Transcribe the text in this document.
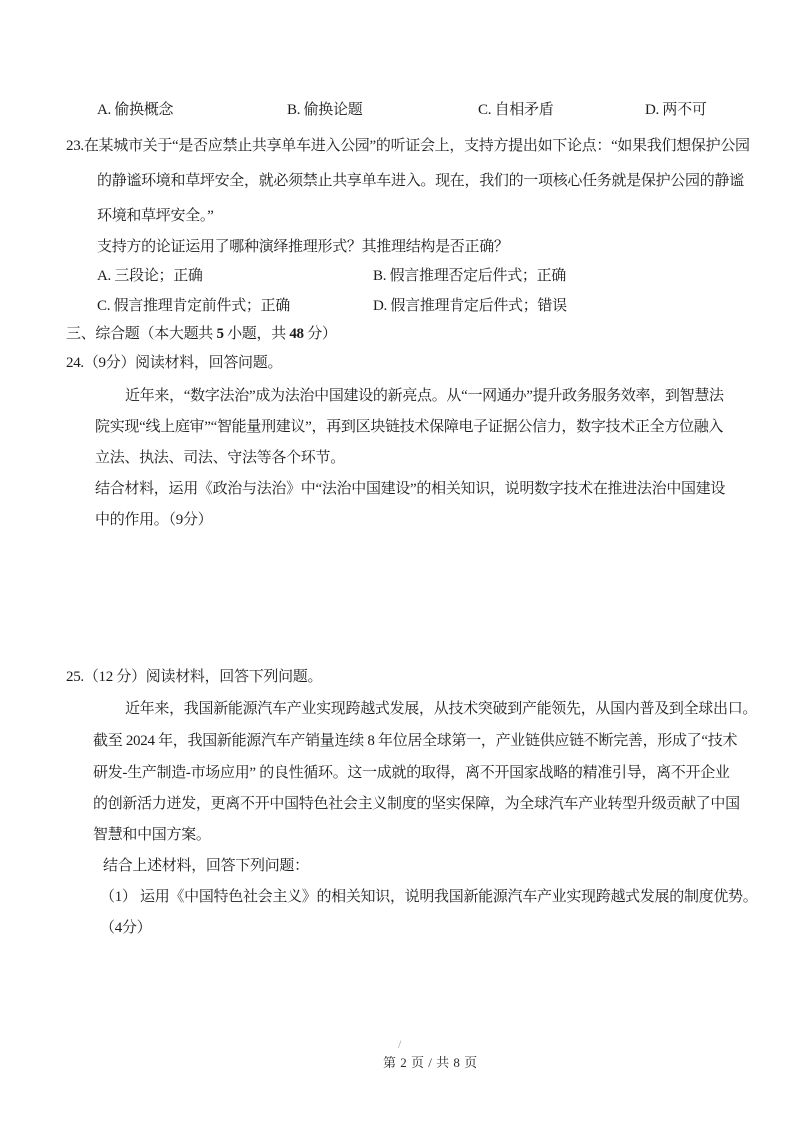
A. 偷换概念	B. 偷换论题	C. 自相矛盾	D. 两不可
23.在某城市关于“是否应禁止共享单车进入公园”的听证会上，支持方提出如下论点：“如果我们想保护公园
的静谧环境和草坪安全，就必须禁止共享单车进入。现在，我们的一项核心任务就是保护公园的静谧
环境和草坪安全。”
支持方的论证运用了哪种演绎推理形式？其推理结构是否正确？
A. 三段论；正确	B. 假言推理否定后件式；正确
C. 假言推理肯定前件式；正确	D. 假言推理肯定后件式；错误
三、综合题（本大题共 5 小题，共 48 分）
24.（9分）阅读材料，回答问题。
近年来，“数字法治”成为法治中国建设的新亮点。从“一网通办”提升政务服务效率，到智慧法
院实现“线上庭审”“智能量刑建议”，再到区块链技术保障电子证据公信力，数字技术正全方位融入
立法、执法、司法、守法等各个环节。
结合材料，运用《政治与法治》中“法治中国建设”的相关知识，说明数字技术在推进法治中国建设
中的作用。（9分）
25.（12 分）阅读材料，回答下列问题。
近年来，我国新能源汽车产业实现跨越式发展，从技术突破到产能领先，从国内普及到全球出口。
截至 2024 年，我国新能源汽车产销量连续 8 年位居全球第一，产业链供应链不断完善，形成了“技术
研发-生产制造-市场应用” 的良性循环。这一成就的取得，离不开国家战略的精准引导，离不开企业
的创新活力迸发，更离不开中国特色社会主义制度的坚实保障，为全球汽车产业转型升级贡献了中国
智慧和中国方案。
结合上述材料，回答下列问题：
（1） 运用《中国特色社会主义》的相关知识，说明我国新能源汽车产业实现跨越式发展的制度优势。
（4分）
/
第 2 页 / 共 8 页
